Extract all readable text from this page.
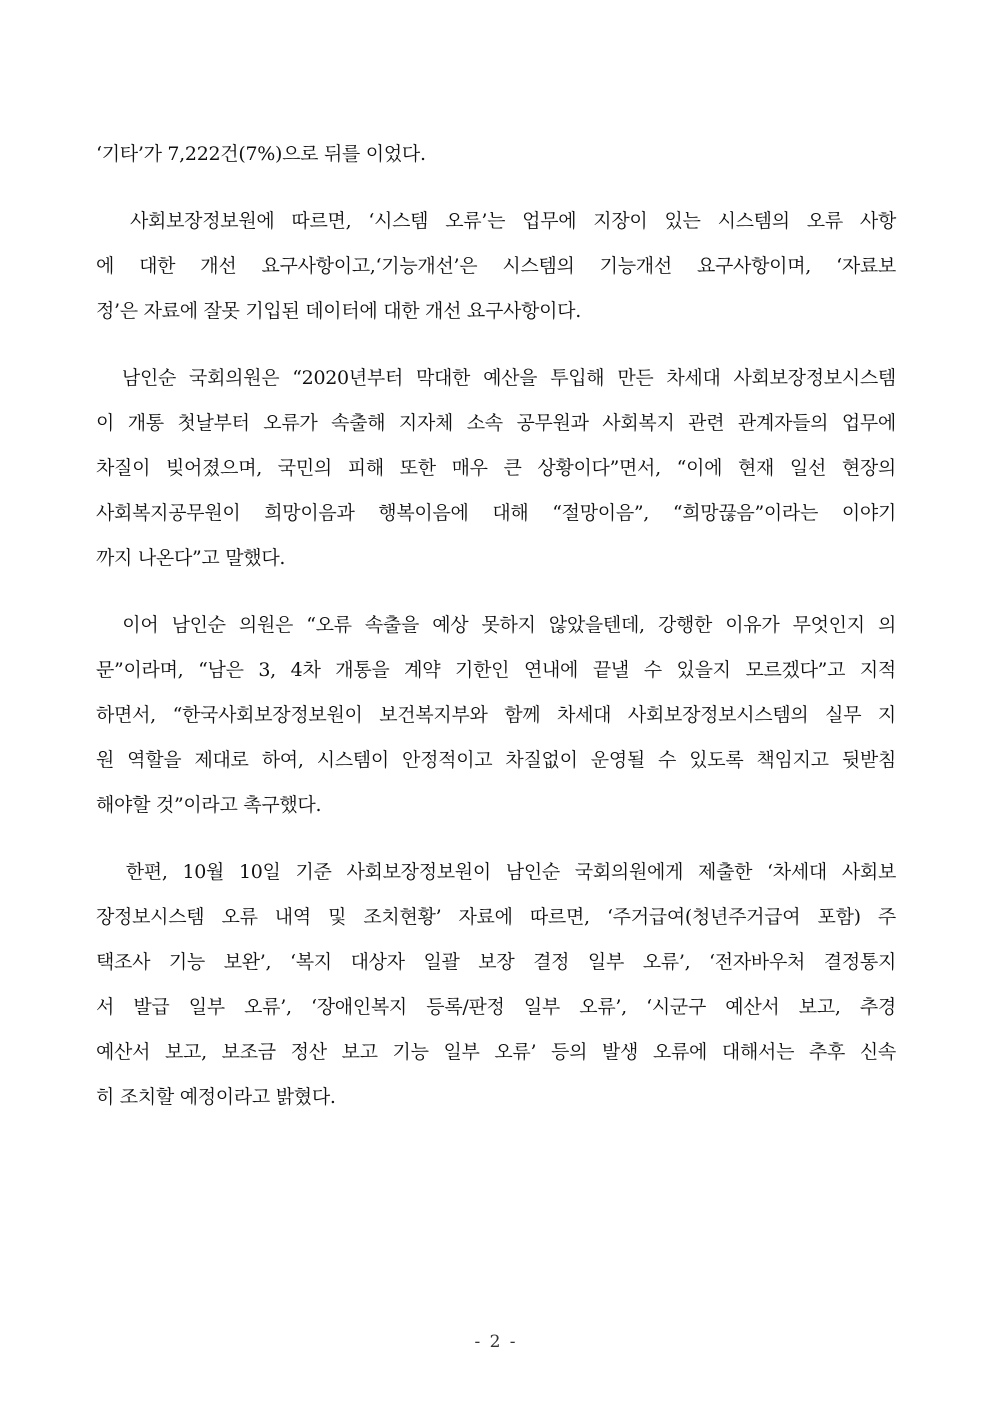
‘기타’가 7,222건(7%)으로 뒤를 이었다.

사회보장정보원에 따르면, ‘시스템 오류’는 업무에 지장이 있는 시스템의 오류 사항
에 대한 개선 요구사항이고,‘기능개선’은 시스템의 기능개선 요구사항이며, ‘자료보
정’은 자료에 잘못 기입된 데이터에 대한 개선 요구사항이다.

남인순 국회의원은 “2020년부터 막대한 예산을 투입해 만든 차세대 사회보장정보시스템
이 개통 첫날부터 오류가 속출해 지자체 소속 공무원과 사회복지 관련 관계자들의 업무에
차질이 빚어졌으며, 국민의 피해 또한 매우 큰 상황이다”면서, “이에 현재 일선 현장의
사회복지공무원이 희망이음과 행복이음에 대해 “절망이음”, “희망끊음”이라는 이야기
까지 나온다”고 말했다.

이어 남인순 의원은 “오류 속출을 예상 못하지 않았을텐데, 강행한 이유가 무엇인지 의
문”이라며, “남은 3, 4차 개통을 계약 기한인 연내에 끝낼 수 있을지 모르겠다”고 지적
하면서, “한국사회보장정보원이 보건복지부와 함께 차세대 사회보장정보시스템의 실무 지
원 역할을 제대로 하여, 시스템이 안정적이고 차질없이 운영될 수 있도록 책임지고 뒷받침
해야할 것”이라고 촉구했다.

한편, 10월 10일 기준 사회보장정보원이 남인순 국회의원에게 제출한 ‘차세대 사회보
장정보시스템 오류 내역 및 조치현황’ 자료에 따르면, ‘주거급여(청년주거급여 포함) 주
택조사 기능 보완’, ‘복지 대상자 일괄 보장 결정 일부 오류’, ‘전자바우처 결정통지
서 발급 일부 오류’, ‘장애인복지 등록/판정 일부 오류’, ‘시군구 예산서 보고, 추경
예산서 보고, 보조금 정산 보고 기능 일부 오류’ 등의 발생 오류에 대해서는 추후 신속
히 조치할 예정이라고 밝혔다.

- 2 -
